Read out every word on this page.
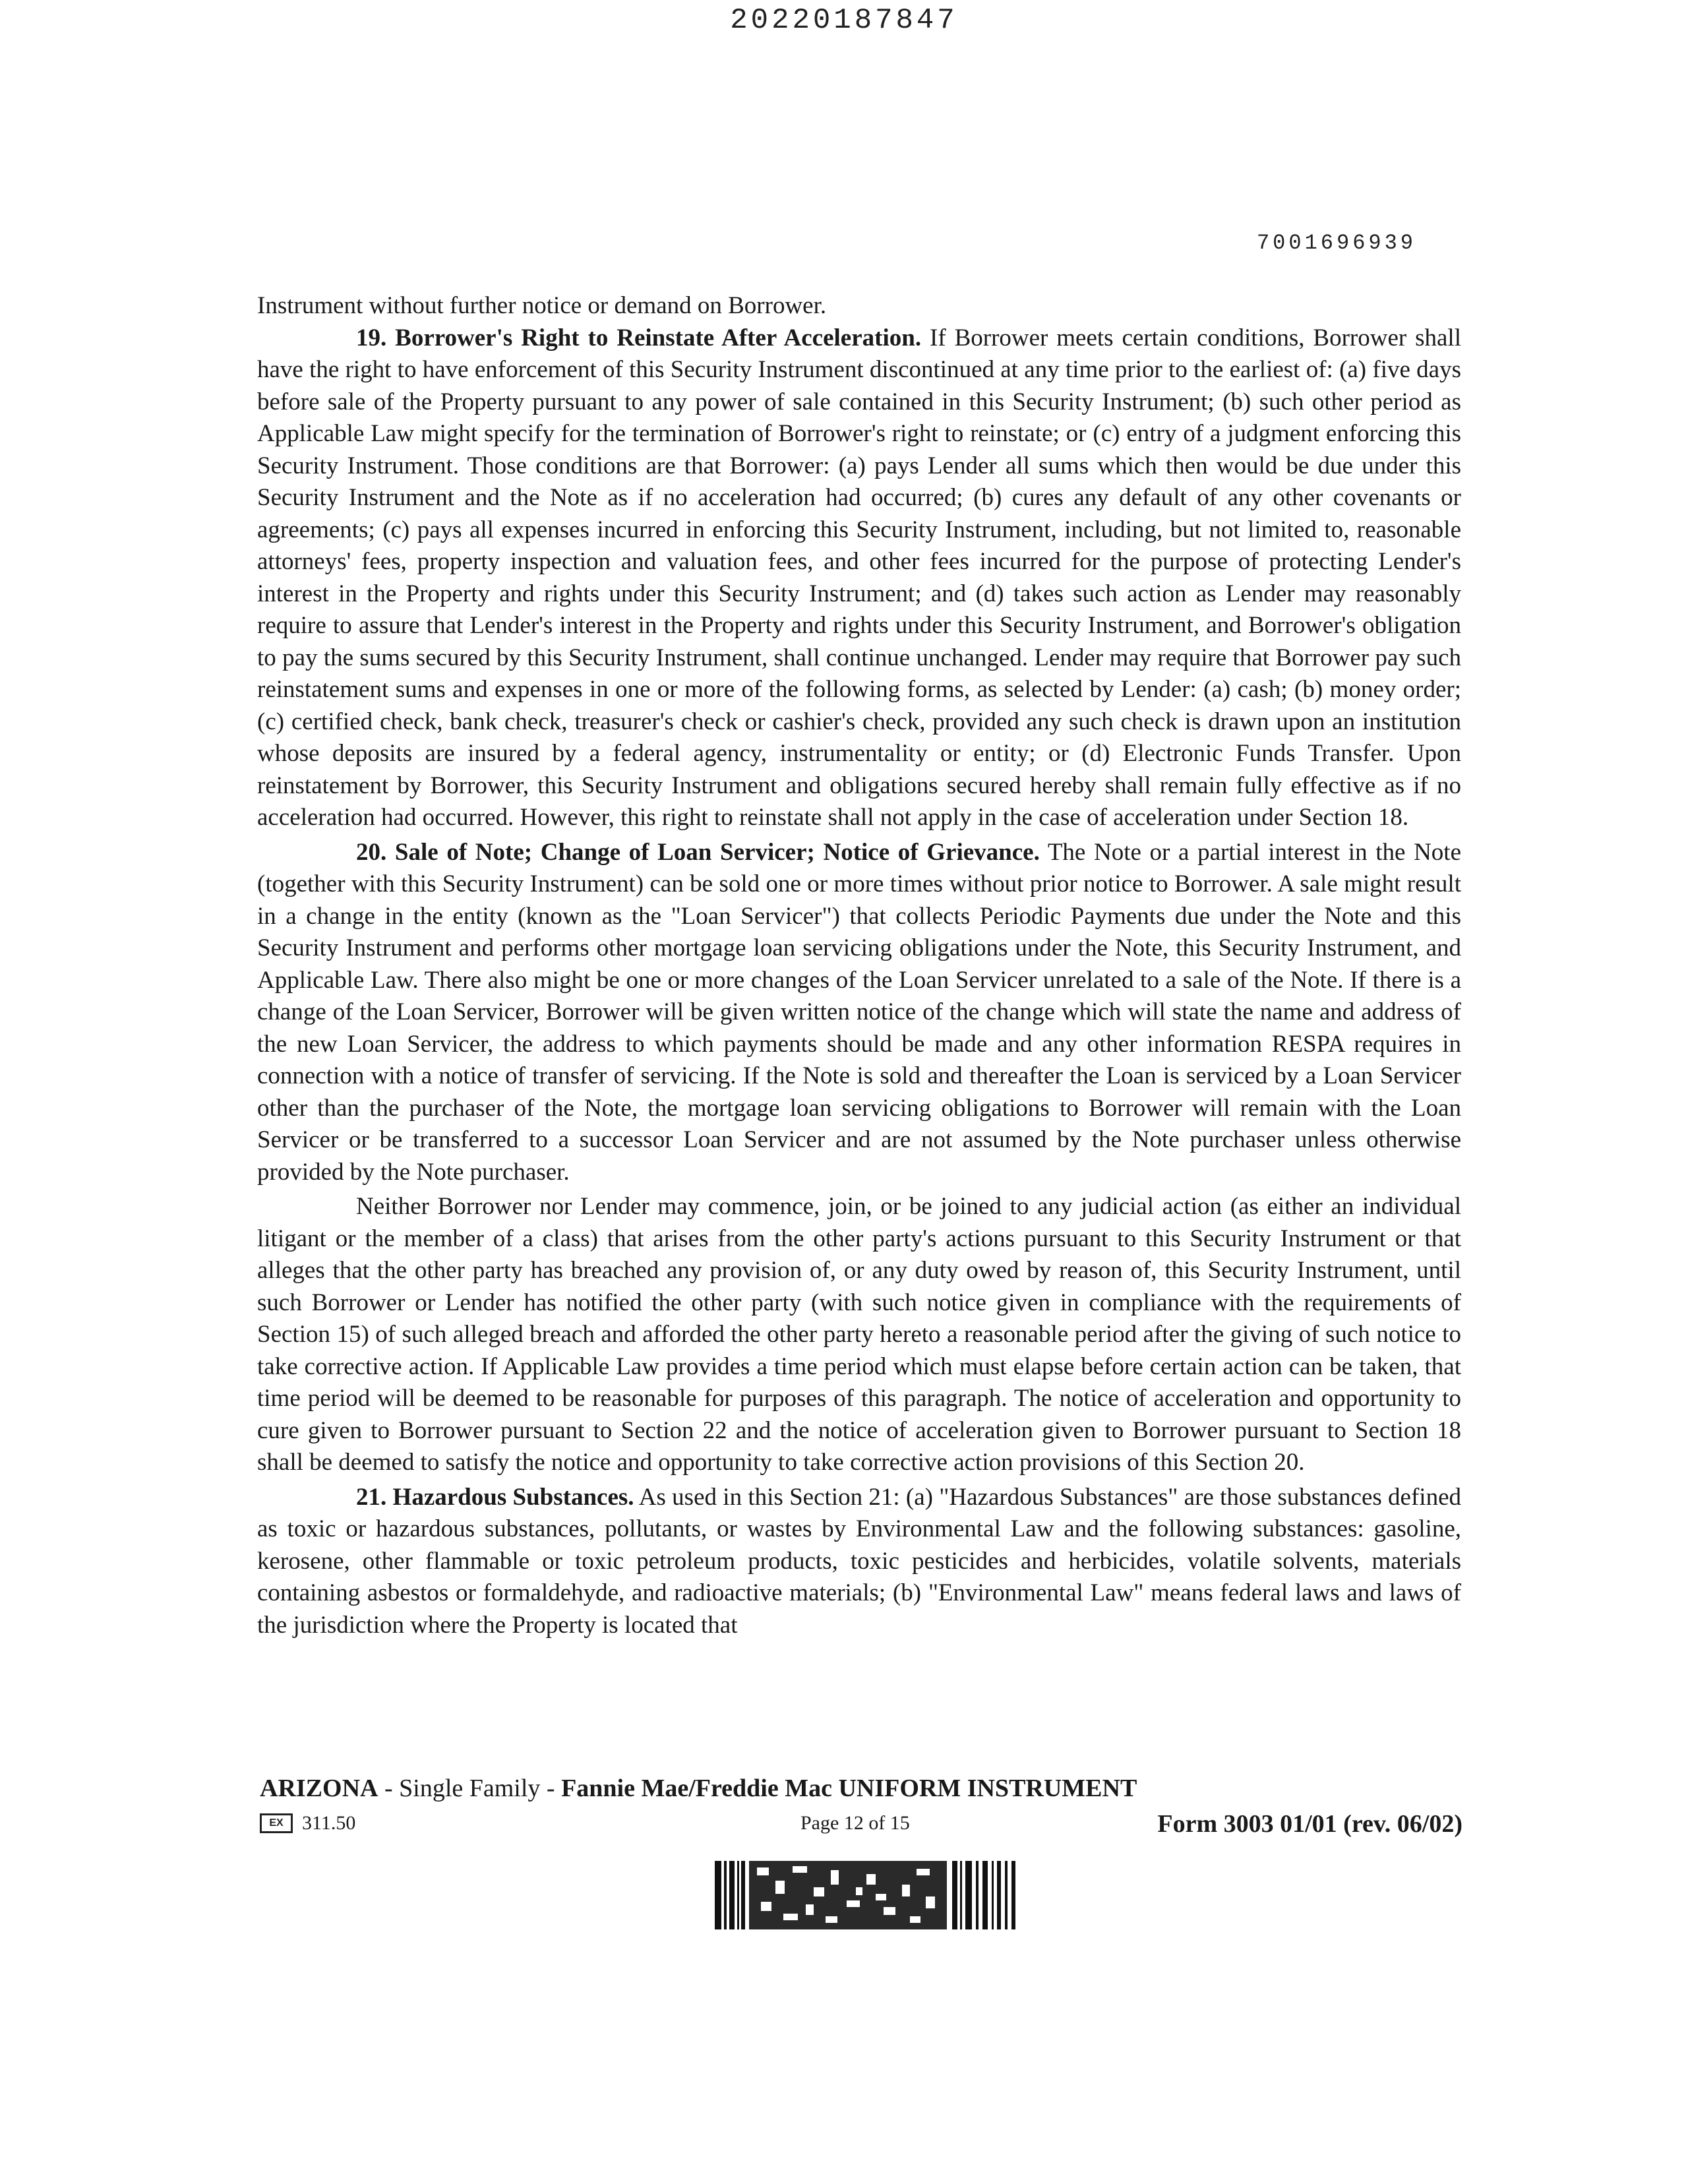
20220187847
7001696939

Instrument without further notice or demand on Borrower.

19. Borrower's Right to Reinstate After Acceleration. If Borrower meets certain conditions, Borrower shall have the right to have enforcement of this Security Instrument discontinued at any time prior to the earliest of: (a) five days before sale of the Property pursuant to any power of sale contained in this Security Instrument; (b) such other period as Applicable Law might specify for the termination of Borrower's right to reinstate; or (c) entry of a judgment enforcing this Security Instrument. Those conditions are that Borrower: (a) pays Lender all sums which then would be due under this Security Instrument and the Note as if no acceleration had occurred; (b) cures any default of any other covenants or agreements; (c) pays all expenses incurred in enforcing this Security Instrument, including, but not limited to, reasonable attorneys' fees, property inspection and valuation fees, and other fees incurred for the purpose of protecting Lender's interest in the Property and rights under this Security Instrument; and (d) takes such action as Lender may reasonably require to assure that Lender's interest in the Property and rights under this Security Instrument, and Borrower's obligation to pay the sums secured by this Security Instrument, shall continue unchanged. Lender may require that Borrower pay such reinstatement sums and expenses in one or more of the following forms, as selected by Lender: (a) cash; (b) money order; (c) certified check, bank check, treasurer's check or cashier's check, provided any such check is drawn upon an institution whose deposits are insured by a federal agency, instrumentality or entity; or (d) Electronic Funds Transfer. Upon reinstatement by Borrower, this Security Instrument and obligations secured hereby shall remain fully effective as if no acceleration had occurred. However, this right to reinstate shall not apply in the case of acceleration under Section 18.

20. Sale of Note; Change of Loan Servicer; Notice of Grievance. The Note or a partial interest in the Note (together with this Security Instrument) can be sold one or more times without prior notice to Borrower. A sale might result in a change in the entity (known as the "Loan Servicer") that collects Periodic Payments due under the Note and this Security Instrument and performs other mortgage loan servicing obligations under the Note, this Security Instrument, and Applicable Law. There also might be one or more changes of the Loan Servicer unrelated to a sale of the Note. If there is a change of the Loan Servicer, Borrower will be given written notice of the change which will state the name and address of the new Loan Servicer, the address to which payments should be made and any other information RESPA requires in connection with a notice of transfer of servicing. If the Note is sold and thereafter the Loan is serviced by a Loan Servicer other than the purchaser of the Note, the mortgage loan servicing obligations to Borrower will remain with the Loan Servicer or be transferred to a successor Loan Servicer and are not assumed by the Note purchaser unless otherwise provided by the Note purchaser.

Neither Borrower nor Lender may commence, join, or be joined to any judicial action (as either an individual litigant or the member of a class) that arises from the other party's actions pursuant to this Security Instrument or that alleges that the other party has breached any provision of, or any duty owed by reason of, this Security Instrument, until such Borrower or Lender has notified the other party (with such notice given in compliance with the requirements of Section 15) of such alleged breach and afforded the other party hereto a reasonable period after the giving of such notice to take corrective action. If Applicable Law provides a time period which must elapse before certain action can be taken, that time period will be deemed to be reasonable for purposes of this paragraph. The notice of acceleration and opportunity to cure given to Borrower pursuant to Section 22 and the notice of acceleration given to Borrower pursuant to Section 18 shall be deemed to satisfy the notice and opportunity to take corrective action provisions of this Section 20.

21. Hazardous Substances. As used in this Section 21: (a) "Hazardous Substances" are those substances defined as toxic or hazardous substances, pollutants, or wastes by Environmental Law and the following substances: gasoline, kerosene, other flammable or toxic petroleum products, toxic pesticides and herbicides, volatile solvents, materials containing asbestos or formaldehyde, and radioactive materials; (b) "Environmental Law" means federal laws and laws of the jurisdiction where the Property is located that

ARIZONA - Single Family - Fannie Mae/Freddie Mac UNIFORM INSTRUMENT
EX 311.50	Page 12 of 15	Form 3003 01/01 (rev. 06/02)
